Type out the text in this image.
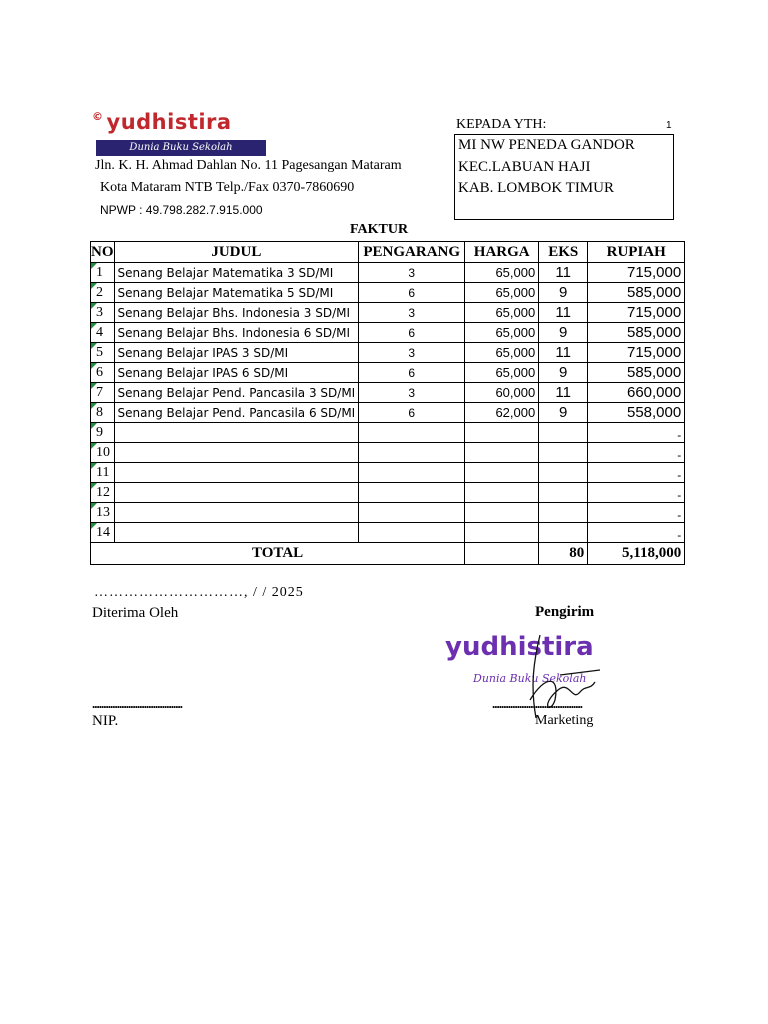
© yudhistira
Dunia Buku Sekolah
Jln. K. H. Ahmad Dahlan No. 11 Pagesangan Mataram
Kota Mataram NTB Telp./Fax 0370-7860690
NPWP : 49.798.282.7.915.000
KEPADA YTH:	1
MI NW PENEDA GANDOR
KEC.LABUAN HAJI
KAB. LOMBOK TIMUR
FAKTUR
NO	JUDUL	PENGARANG	HARGA	EKS	RUPIAH
1	Senang Belajar Matematika 3 SD/MI	3	65,000	11	715,000
2	Senang Belajar Matematika 5 SD/MI	6	65,000	9	585,000
3	Senang Belajar Bhs. Indonesia 3 SD/MI	3	65,000	11	715,000
4	Senang Belajar Bhs. Indonesia 6 SD/MI	6	65,000	9	585,000
5	Senang Belajar IPAS 3 SD/MI	3	65,000	11	715,000
6	Senang Belajar IPAS 6 SD/MI	6	65,000	9	585,000
7	Senang Belajar Pend. Pancasila 3 SD/MI	3	60,000	11	660,000
8	Senang Belajar Pend. Pancasila 6 SD/MI	6	62,000	9	558,000
9					-
10					-
11					-
12					-
13					-
14					-
TOTAL				80	5,118,000
…………………………, / / 2025
Diterima Oleh
........................................
NIP.
Pengirim
yudhistira
Dunia Buku Sekolah
........................................
Marketing
